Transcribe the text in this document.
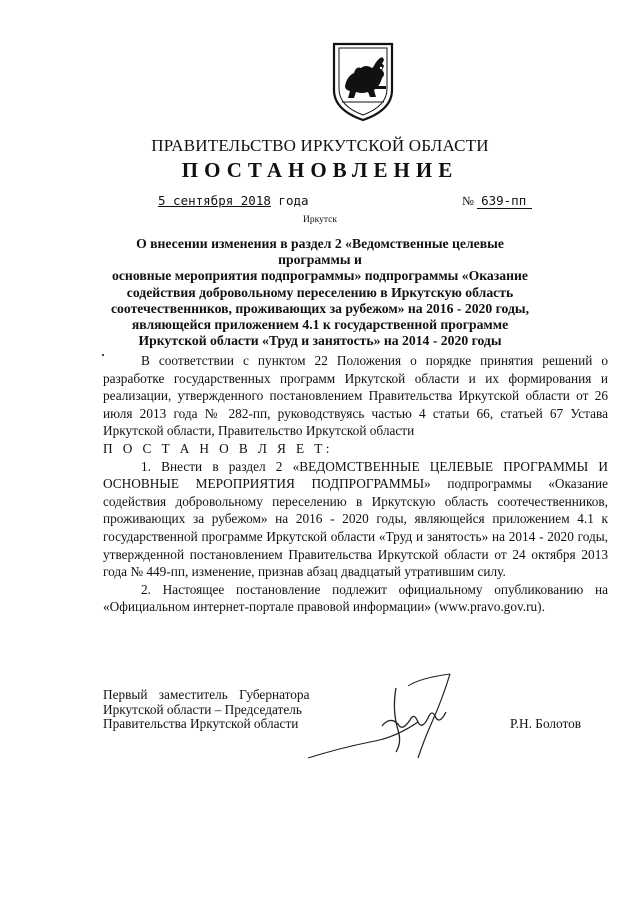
ПРАВИТЕЛЬСТВО ИРКУТСКОЙ ОБЛАСТИ
ПОСТАНОВЛЕНИЕ
5 сентября 2018 года	№ 639-пп
Иркутск

О внесении изменения в раздел 2 «Ведомственные целевые программы и
основные мероприятия подпрограммы» подпрограммы «Оказание
содействия добровольному переселению в Иркутскую область
соотечественников, проживающих за рубежом» на 2016 - 2020 годы,
являющейся приложением 4.1 к государственной программе
Иркутской области «Труд и занятость» на 2014 - 2020 годы

В соответствии с пунктом 22 Положения о порядке принятия решений о разработке государственных программ Иркутской области и их формирования и реализации, утвержденного постановлением Правительства Иркутской области от 26 июля 2013 года № 282-пп, руководствуясь частью 4 статьи 66, статьей 67 Устава Иркутской области, Правительство Иркутской области

П О С Т А Н О В Л Я Е Т:

1. Внести в раздел 2 «ВЕДОМСТВЕННЫЕ ЦЕЛЕВЫЕ ПРОГРАММЫ И ОСНОВНЫЕ МЕРОПРИЯТИЯ ПОДПРОГРАММЫ» подпрограммы «Оказание содействия добровольному переселению в Иркутскую область соотечественников, проживающих за рубежом» на 2016 - 2020 годы, являющейся приложением 4.1 к государственной программе Иркутской области «Труд и занятость» на 2014 - 2020 годы, утвержденной постановлением Правительства Иркутской области от 24 октября 2013 года № 449-пп, изменение, признав абзац двадцатый утратившим силу.

2. Настоящее постановление подлежит официальному опубликованию на «Официальном интернет-портале правовой информации» (www.pravo.gov.ru).

Первый заместитель Губернатора
Иркутской области – Председатель
Правительства Иркутской области	Р.Н. Болотов
